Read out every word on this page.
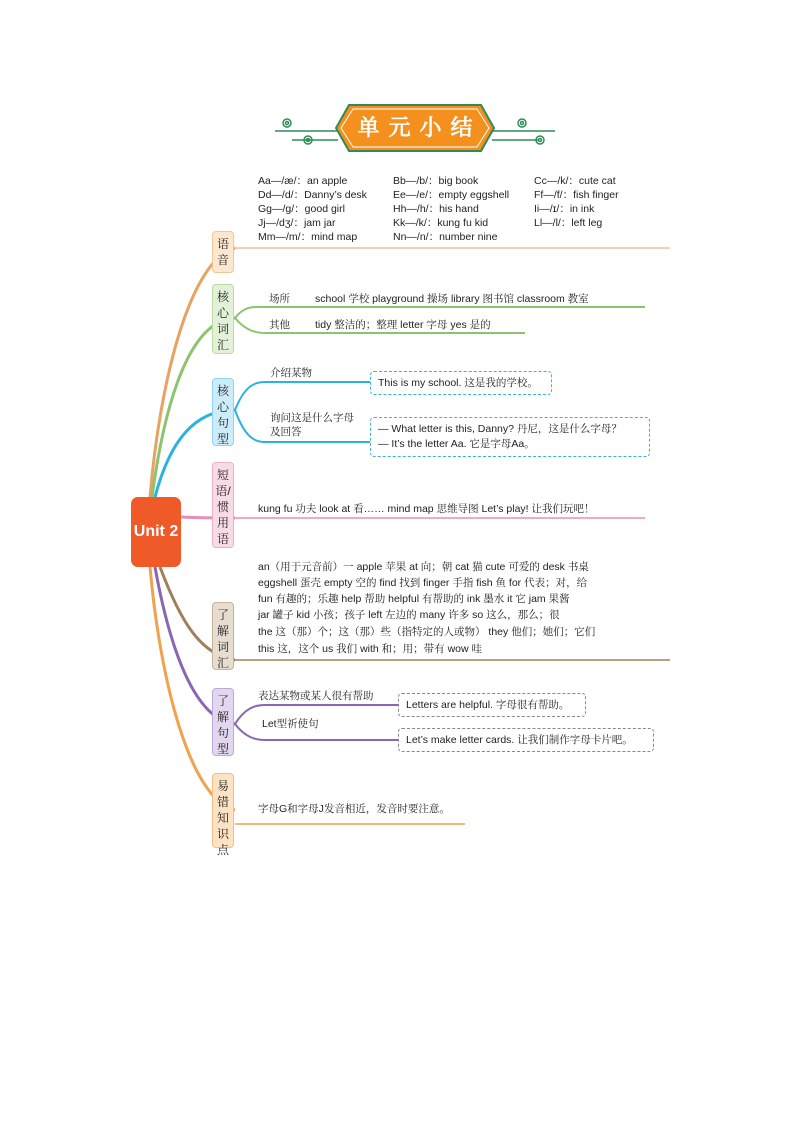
单元小结
Unit 2
语音
核心词汇
核心句型
短语/惯用语
了解词汇
了解句型
易错知识点
Aa—/æ/：an apple	Bb—/b/：big book	Cc—/k/：cute cat
Dd—/d/：Danny’s desk Ee—/e/：empty eggshell Ff—/f/：fish finger
Gg—/g/：good girl	Hh—/h/：his hand	Ii—/ɪ/：in ink
Jj—/dʒ/：jam jar	Kk—/k/：kung fu kid	Ll—/l/：left leg
Mm—/m/：mind map	Nn—/n/：number nine
场所 school 学校 playground 操场 library 图书馆 classroom 教室
其他 tidy 整洁的；整理 letter 字母 yes 是的
介绍某物
This is my school. 这是我的学校。
询问这是什么字母
及回答	— What letter is this, Danny? 丹尼，这是什么字母？
— It’s the letter Aa. 它是字母Aa。
kung fu 功夫 look at 看…… mind map 思维导图 Let’s play! 让我们玩吧！
an（用于元音前）一 apple 苹果 at 向；朝 cat 猫 cute 可爱的 desk 书桌
eggshell 蛋壳 empty 空的 find 找到 finger 手指 fish 鱼 for 代表；对，给
fun 有趣的；乐趣 help 帮助 helpful 有帮助的 ink 墨水 it 它 jam 果酱
jar 罐子 kid 小孩；孩子 left 左边的 many 许多 so 这么，那么；很
the 这（那）个；这（那）些（指特定的人或物） they 他们；她们；它们
this 这，这个 us 我们 with 和；用；带有 wow 哇
表达某物或某人很有帮助
Letters are helpful. 字母很有帮助。
Let型祈使句
Let’s make letter cards. 让我们制作字母卡片吧。
字母G和字母J发音相近，发音时要注意。
